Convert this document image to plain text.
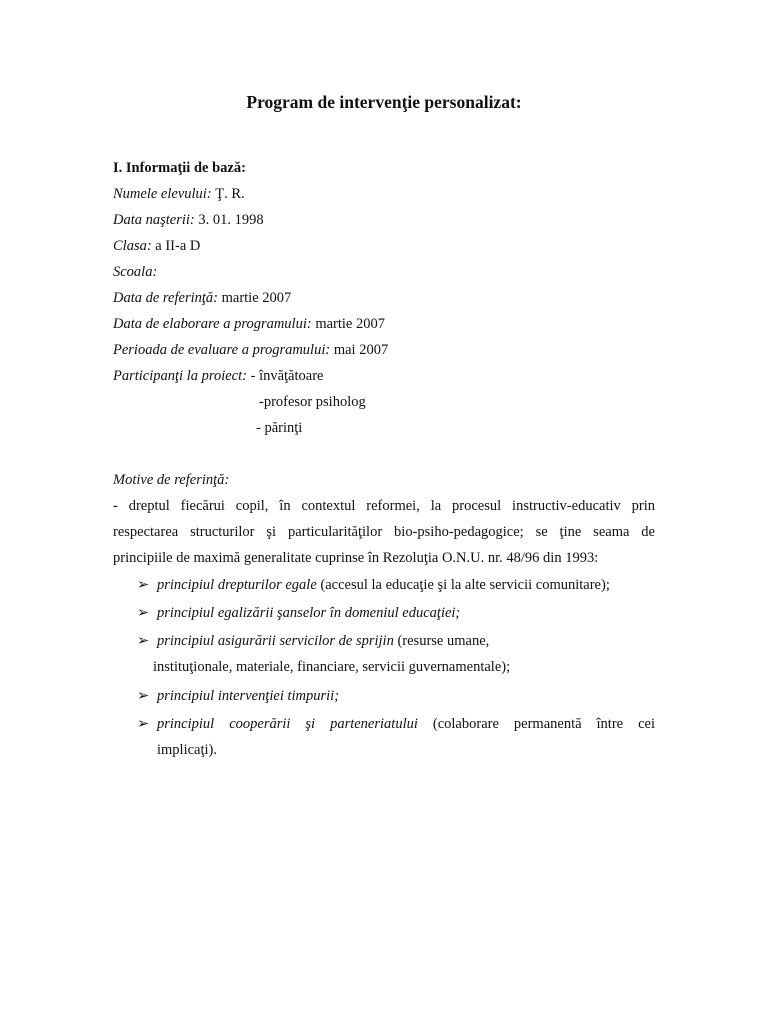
Program de intervenţie personalizat:
I. Informaţii de bază:
Numele elevului: Ţ. R.
Data naşterii: 3. 01. 1998
Clasa: a II-a D
Scoala:
Data de referinţă: martie 2007
Data de elaborare a programului: martie 2007
Perioada de evaluare a programului: mai 2007
Participanţi la proiect: - învăţătoare
-profesor psiholog
- părinţi
Motive de referinţă:
- dreptul fiecărui copil, în contextul reformei, la procesul instructiv-educativ prin
respectarea structurilor şi particularităţilor bio-psiho-pedagogice; se ţine seama de
principiile de maximă generalitate cuprinse în Rezoluţia O.N.U. nr. 48/96 din 1993:
➢ principiul drepturilor egale (accesul la educaţie şi la alte servicii comunitare);
➢ principiul egalizării şanselor în domeniul educaţiei;
➢ principiul asigurării servicilor de sprijin (resurse umane,
instituţionale, materiale, financiare, servicii guvernamentale);
➢ principiul intervenţiei timpurii;
➢ principiul cooperării şi parteneriatului (colaborare permanentă între cei
implicaţi).
